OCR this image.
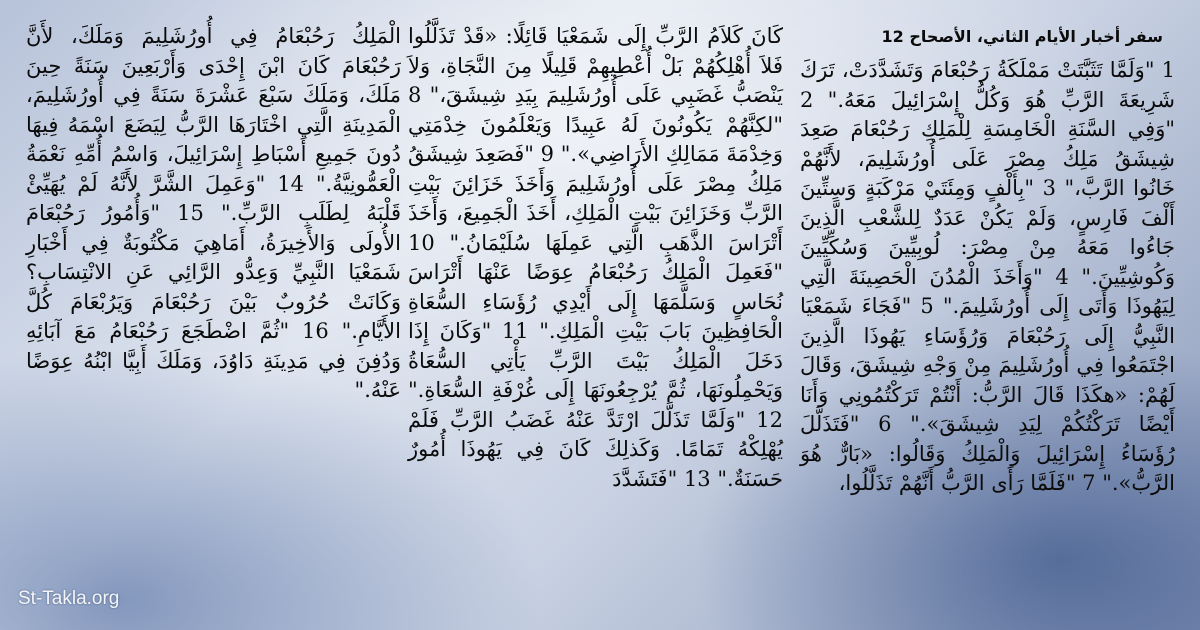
سفر أخبار الأيام الثاني، الأصحاح 12
1 "وَلَمَّا تَثَبَّتَتْ مَمْلَكَةُ رَحُبْعَامَ وَتَشَدَّدَتْ، تَرَكَ شَرِيعَةَ الرَّبِّ هُوَ وَكُلُّ إِسْرَائِيلَ مَعَهُ." 2 "وَفِي السَّنَةِ الْخَامِسَةِ لِلْمَلِكِ رَحُبْعَامَ صَعِدَ شِيشَقُ مَلِكُ مِصْرَ عَلَى أُورُشَلِيمَ، لأَنَّهُمْ خَانُوا الرَّبَّ،" 3 "بِأَلْفٍ وَمِئَتَيْ مَرْكَبَةٍ وَسِتِّينَ أَلْفَ فَارِسٍ، وَلَمْ يَكُنْ عَدَدٌ لِلشَّعْبِ الَّذِينَ جَاءُوا مَعَهُ مِنْ مِصْرَ: لُوبِيِّينَ وَسُكِّيِّينَ وَكُوشِيِّينَ." 4 "وَأَخَذَ الْمُدُنَ الْحَصِينَةَ الَّتِي لِيَهُوذَا وَأَتَى إِلَى أُورُشَلِيمَ." 5 "فَجَاءَ شَمَعْيَا النَّبِيُّ إِلَى رَحُبْعَامَ وَرُؤَسَاءِ يَهُوذَا الَّذِينَ اجْتَمَعُوا فِي أُورُشَلِيمَ مِنْ وَجْهِ شِيشَقَ، وَقَالَ لَهُمْ: «هكَذَا قَالَ الرَّبُّ: أَنْتُمْ تَرَكْتُمُونِي وَأَنَا أَيْضًا تَرَكْتُكُمْ لِيَدِ شِيشَقَ»." 6 "فَتَذَلَّلَ رُؤَسَاءُ إِسْرَائِيلَ وَالْمَلِكُ وَقَالُوا: «بَارٌّ هُوَ الرَّبُّ»." 7 "فَلَمَّا رَأَى الرَّبُّ أَنَّهُمْ تَذَلَّلُوا،
كَانَ كَلاَمُ الرَّبِّ إِلَى شَمَعْيَا قَائِلًا: «قَدْ تَذَلَّلُوا فَلاَ أُهْلِكُهُمْ بَلْ أُعْطِيهِمْ قَلِيلًا مِنَ النَّجَاةِ، وَلاَ يَنْصَبُّ غَضَبِي عَلَى أُورُشَلِيمَ بِيَدِ شِيشَقَ،" 8 "لكِنَّهُمْ يَكُونُونَ لَهُ عَبِيدًا وَيَعْلَمُونَ خِدْمَتِي وَخِدْمَةَ مَمَالِكِ الأَرَاضِي»." 9 "فَصَعِدَ شِيشَقُ مَلِكُ مِصْرَ عَلَى أُورُشَلِيمَ وَأَخَذَ خَزَائِنَ بَيْتِ الرَّبِّ وَخَزَائِنَ بَيْتِ الْمَلِكِ، أَخَذَ الْجَمِيعَ، وَأَخَذَ أَتْرَاسَ الذَّهَبِ الَّتِي عَمِلَهَا سُلَيْمَانُ." 10 "فَعَمِلَ الْمَلِكُ رَحُبْعَامُ عِوَضًا عَنْهَا أَتْرَاسَ نُحَاسٍ وَسَلَّمَهَا إِلَى أَيْدِي رُؤَسَاءِ السُّعَاةِ الْحَافِظِينَ بَابَ بَيْتِ الْمَلِكِ." 11 "وَكَانَ إِذَا دَخَلَ الْمَلِكُ بَيْتَ الرَّبِّ يَأْتِي السُّعَاةُ وَيَحْمِلُونَهَا، ثُمَّ يُرْجِعُونَهَا إِلَى غُرْفَةِ السُّعَاةِ." 12 "وَلَمَّا تَذَلَّلَ ارْتَدَّ عَنْهُ غَضَبُ الرَّبِّ فَلَمْ يُهْلِكْهُ تَمَامًا. وَكَذلِكَ كَانَ فِي يَهُوذَا أُمُورٌ حَسَنَةٌ." 13 "فَتَشَدَّدَ
الْمَلِكُ رَحُبْعَامُ فِي أُورُشَلِيمَ وَمَلَكَ، لأَنَّ رَحُبْعَامَ كَانَ ابْنَ إِحْدَى وَأَرْبَعِينَ سَنَةً حِينَ مَلَكَ، وَمَلَكَ سَبْعَ عَشْرَةَ سَنَةً فِي أُورُشَلِيمَ، الْمَدِينَةِ الَّتِي اخْتَارَهَا الرَّبُّ لِيَضَعَ اسْمَهُ فِيهَا دُونَ جَمِيعِ أَسْبَاطِ إِسْرَائِيلَ، وَاسْمُ أُمِّهِ نَعْمَةُ الْعَمُّونِيَّةُ." 14 "وَعَمِلَ الشَّرَّ لأَنَّهُ لَمْ يُهَيِّئْ قَلْبَهُ لِطَلَبِ الرَّبِّ." 15 "وَأُمُورُ رَحُبْعَامَ الأُولَى وَالأَخِيرَةُ، أَمَاهِيَ مَكْتُوبَةٌ فِي أَخْبَارِ شَمَعْيَا النَّبِيِّ وَعِدُّو الرَّائِي عَنِ الانْتِسَابِ؟ وَكَانَتْ حُرُوبٌ بَيْنَ رَحُبْعَامَ وَيَرُبْعَامَ كُلَّ الأَيَّامِ." 16 "ثُمَّ اضْطَجَعَ رَحُبْعَامُ مَعَ آبَائِهِ وَدُفِنَ فِي مَدِينَةِ دَاوُدَ، وَمَلَكَ أَبِيَّا ابْنُهُ عِوَضًا عَنْهُ."
St-Takla.org
